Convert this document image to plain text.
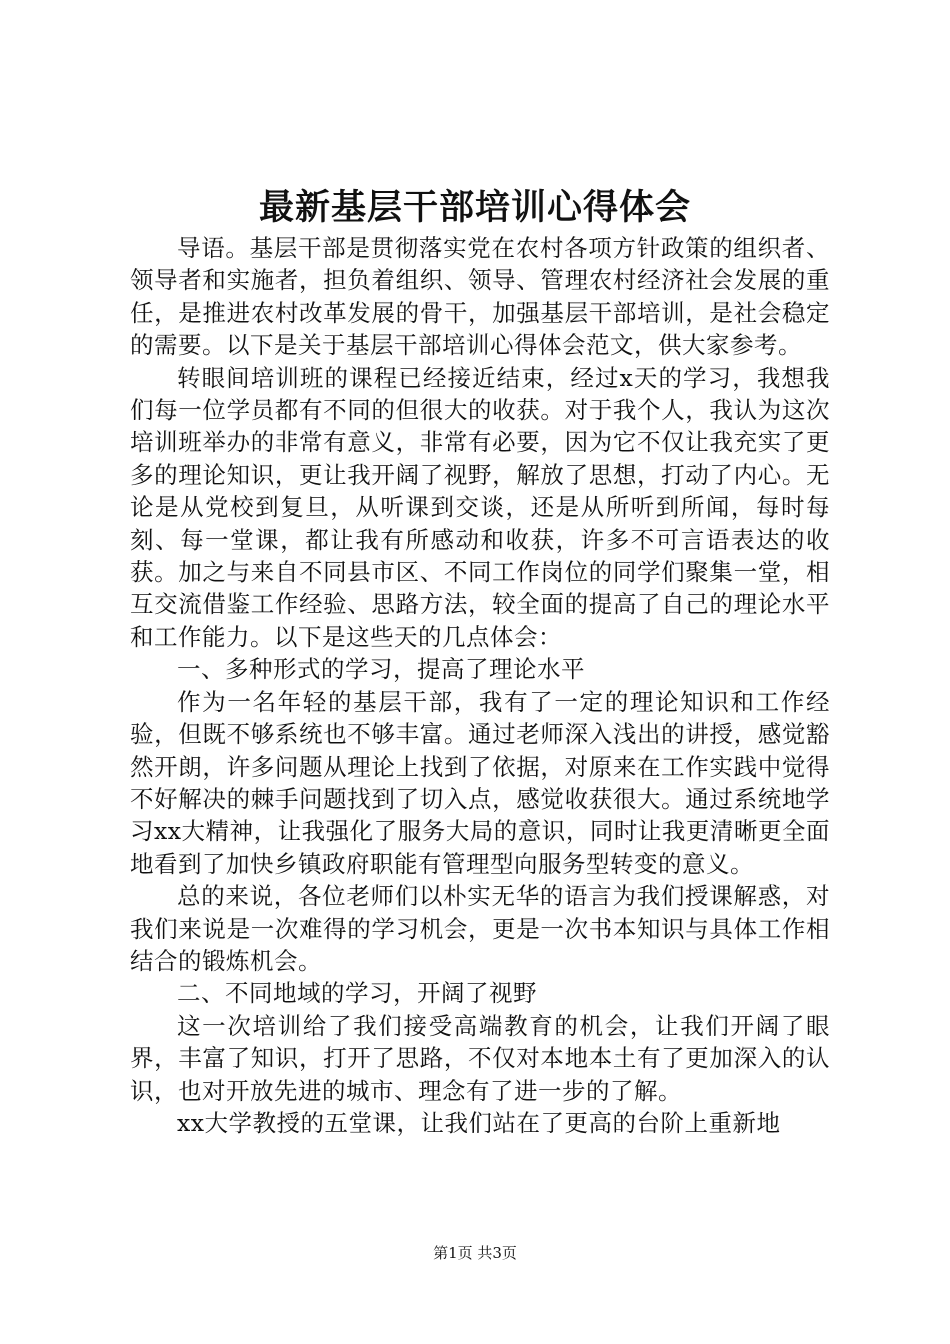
最新基层干部培训心得体会

导语。基层干部是贯彻落实党在农村各项方针政策的组织者、领导者和实施者，担负着组织、领导、管理农村经济社会发展的重任，是推进农村改革发展的骨干，加强基层干部培训，是社会稳定的需要。以下是关于基层干部培训心得体会范文，供大家参考。

转眼间培训班的课程已经接近结束，经过x天的学习，我想我们每一位学员都有不同的但很大的收获。对于我个人，我认为这次培训班举办的非常有意义，非常有必要，因为它不仅让我充实了更多的理论知识，更让我开阔了视野，解放了思想，打动了内心。无论是从党校到复旦，从听课到交谈，还是从所听到所闻，每时每刻、每一堂课，都让我有所感动和收获，许多不可言语表达的收获。加之与来自不同县市区、不同工作岗位的同学们聚集一堂，相互交流借鉴工作经验、思路方法，较全面的提高了自己的理论水平和工作能力。以下是这些天的几点体会：

一、多种形式的学习，提高了理论水平

作为一名年轻的基层干部，我有了一定的理论知识和工作经验，但既不够系统也不够丰富。通过老师深入浅出的讲授，感觉豁然开朗，许多问题从理论上找到了依据，对原来在工作实践中觉得不好解决的棘手问题找到了切入点，感觉收获很大。通过系统地学习xx大精神，让我强化了服务大局的意识，同时让我更清晰更全面地看到了加快乡镇政府职能有管理型向服务型转变的意义。

总的来说，各位老师们以朴实无华的语言为我们授课解惑，对我们来说是一次难得的学习机会，更是一次书本知识与具体工作相结合的锻炼机会。

二、不同地域的学习，开阔了视野

这一次培训给了我们接受高端教育的机会，让我们开阔了眼界，丰富了知识，打开了思路，不仅对本地本土有了更加深入的认识，也对开放先进的城市、理念有了进一步的了解。

xx大学教授的五堂课，让我们站在了更高的台阶上重新地

第1页 共3页
